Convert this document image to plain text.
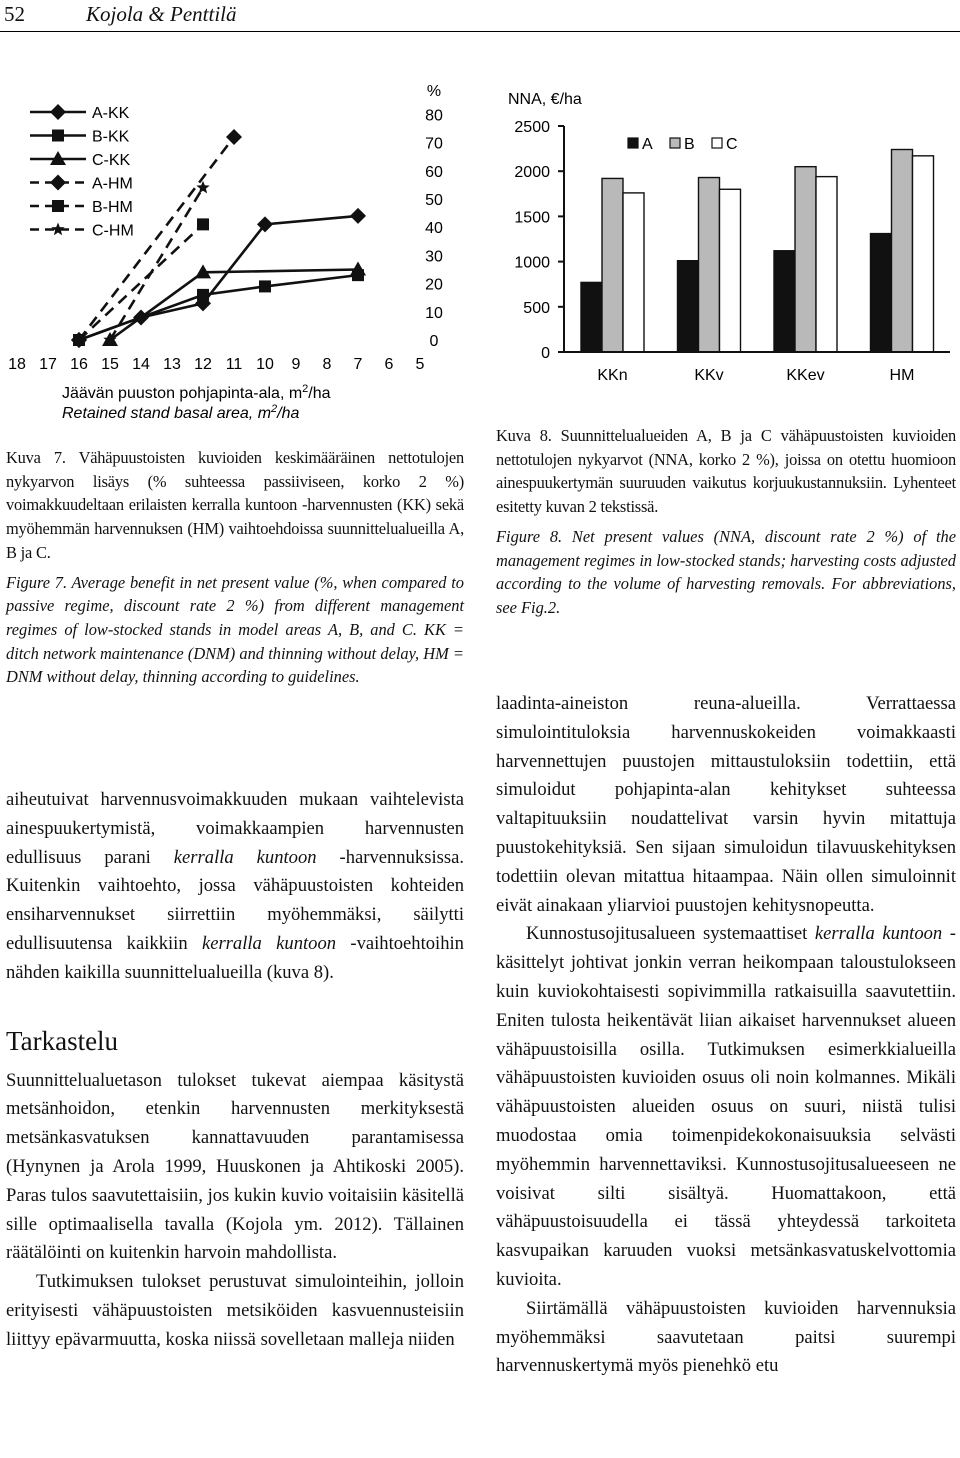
52	Kojola & Penttilä
A-KK
B-KK
C-KK
A-HM
B-HM
C-HM
18 17 16 15 14 13 12 11 10 9 8 7 6 5
0
10
20
30
40
50
60
70
80
%
Jäävän puuston pohjapinta-ala, $m^2/ha$
Retained stand basal area, $m^2/ha$

Kuva 7. Vähäpuustoisten kuvioiden keskimääräinen nettotulojen nykyarvon lisäys (% suhteessa passiiviseen, korko 2 %) voimakkuudeltaan erilaisten kerralla kuntoon -harvennusten (KK) sekä myöhemmän harvennuksen (HM) vaihtoehdoissa suunnittelualueilla A, B ja C.

Figure 7. Average benefit in net present value (%, when compared to passive regime, discount rate 2 %) from different management regimes of low-stocked stands in model areas A, B, and C. KK = ditch network maintenance (DNM) and thinning without delay, HM = DNM without delay, thinning according to guidelines.

NNA, €/ha
0
500
1000
1500
2000
2500
KKn	KKv	KKev	HM
A B C

Kuva 8. Suunnittelualueiden A, B ja C vähäpuustoisten kuvioiden nettotulojen nykyarvot (NNA, korko 2 %), joissa on otettu huomioon ainespuukertymän suuruuden vaikutus korjuukustannuksiin. Lyhenteet esitetty kuvan 2 tekstissä.

Figure 8. Net present values (NNA, discount rate 2 %) of the management regimes in low-stocked stands; harvesting costs adjusted according to the volume of harvesting removals. For abbreviations, see Fig.2.

aiheutuivat harvennusvoimakkuuden mukaan vaihtelevista ainespuukertymistä, voimakkaampien harvennusten edullisuus parani kerralla kuntoon -harvennuksissa. Kuitenkin vaihtoehto, jossa vähäpuustoisten kohteiden ensiharvennukset siirrettiin myöhemmäksi, säilytti edullisuutensa kaikkiin kerralla kuntoon -vaihtoehtoihin nähden kaikilla suunnittelualueilla (kuva 8).

Tarkastelu

Suunnittelualuetason tulokset tukevat aiempaa käsitystä metsänhoidon, etenkin harvennusten merkityksestä metsänkasvatuksen kannattavuuden parantamisessa (Hynynen ja Arola 1999, Huuskonen ja Ahtikoski 2005). Paras tulos saavutettaisiin, jos kukin kuvio voitaisiin käsitellä sille optimaalisella tavalla (Kojola ym. 2012). Tällainen räätälöinti on kuitenkin harvoin mahdollista.

Tutkimuksen tulokset perustuvat simulointeihin, jolloin erityisesti vähäpuustoisten metsiköiden kasvuennusteisiin liittyy epävarmuutta, koska niissä sovelletaan malleja niiden

laadinta-aineiston reuna-alueilla. Verrattaessa simulointituloksia harvennuskokeiden voimakkaasti harvennettujen puustojen mittaustuloksiin todettiin, että simuloidut pohjapinta-alan kehitykset suhteessa valtapituuksiin noudattelivat varsin hyvin mitattuja puustokehityksiä. Sen sijaan simuloidun tilavuuskehityksen todettiin olevan mitattua hitaampaa. Näin ollen simuloinnit eivät ainakaan yliarvioi puustojen kehitysnopeutta.

Kunnostusojitusalueen systemaattiset kerralla kuntoon -käsittelyt johtivat jonkin verran heikompaan taloustulokseen kuin kuviokohtaisesti sopivimmilla ratkaisuilla saavutettiin. Eniten tulosta heikentävät liian aikaiset harvennukset alueen vähäpuustoisilla osilla. Tutkimuksen esimerkkialueilla vähäpuustoisten kuvioiden osuus oli noin kolmannes. Mikäli vähäpuustoisten alueiden osuus on suuri, niistä tulisi muodostaa omia toimenpidekokonaisuuksia selvästi myöhemmin harvennettaviksi. Kunnostusojitusalueeseen ne voisivat silti sisältyä. Huomattakoon, että vähäpuustoisuudella ei tässä yhteydessä tarkoiteta kasvupaikan karuuden vuoksi metsänkasvatuskelvottomia kuvioita.

Siirtämällä vähäpuustoisten kuvioiden harvennuksia myöhemmäksi saavutetaan paitsi suurempi harvennuskertymä myös pienehkö etu
